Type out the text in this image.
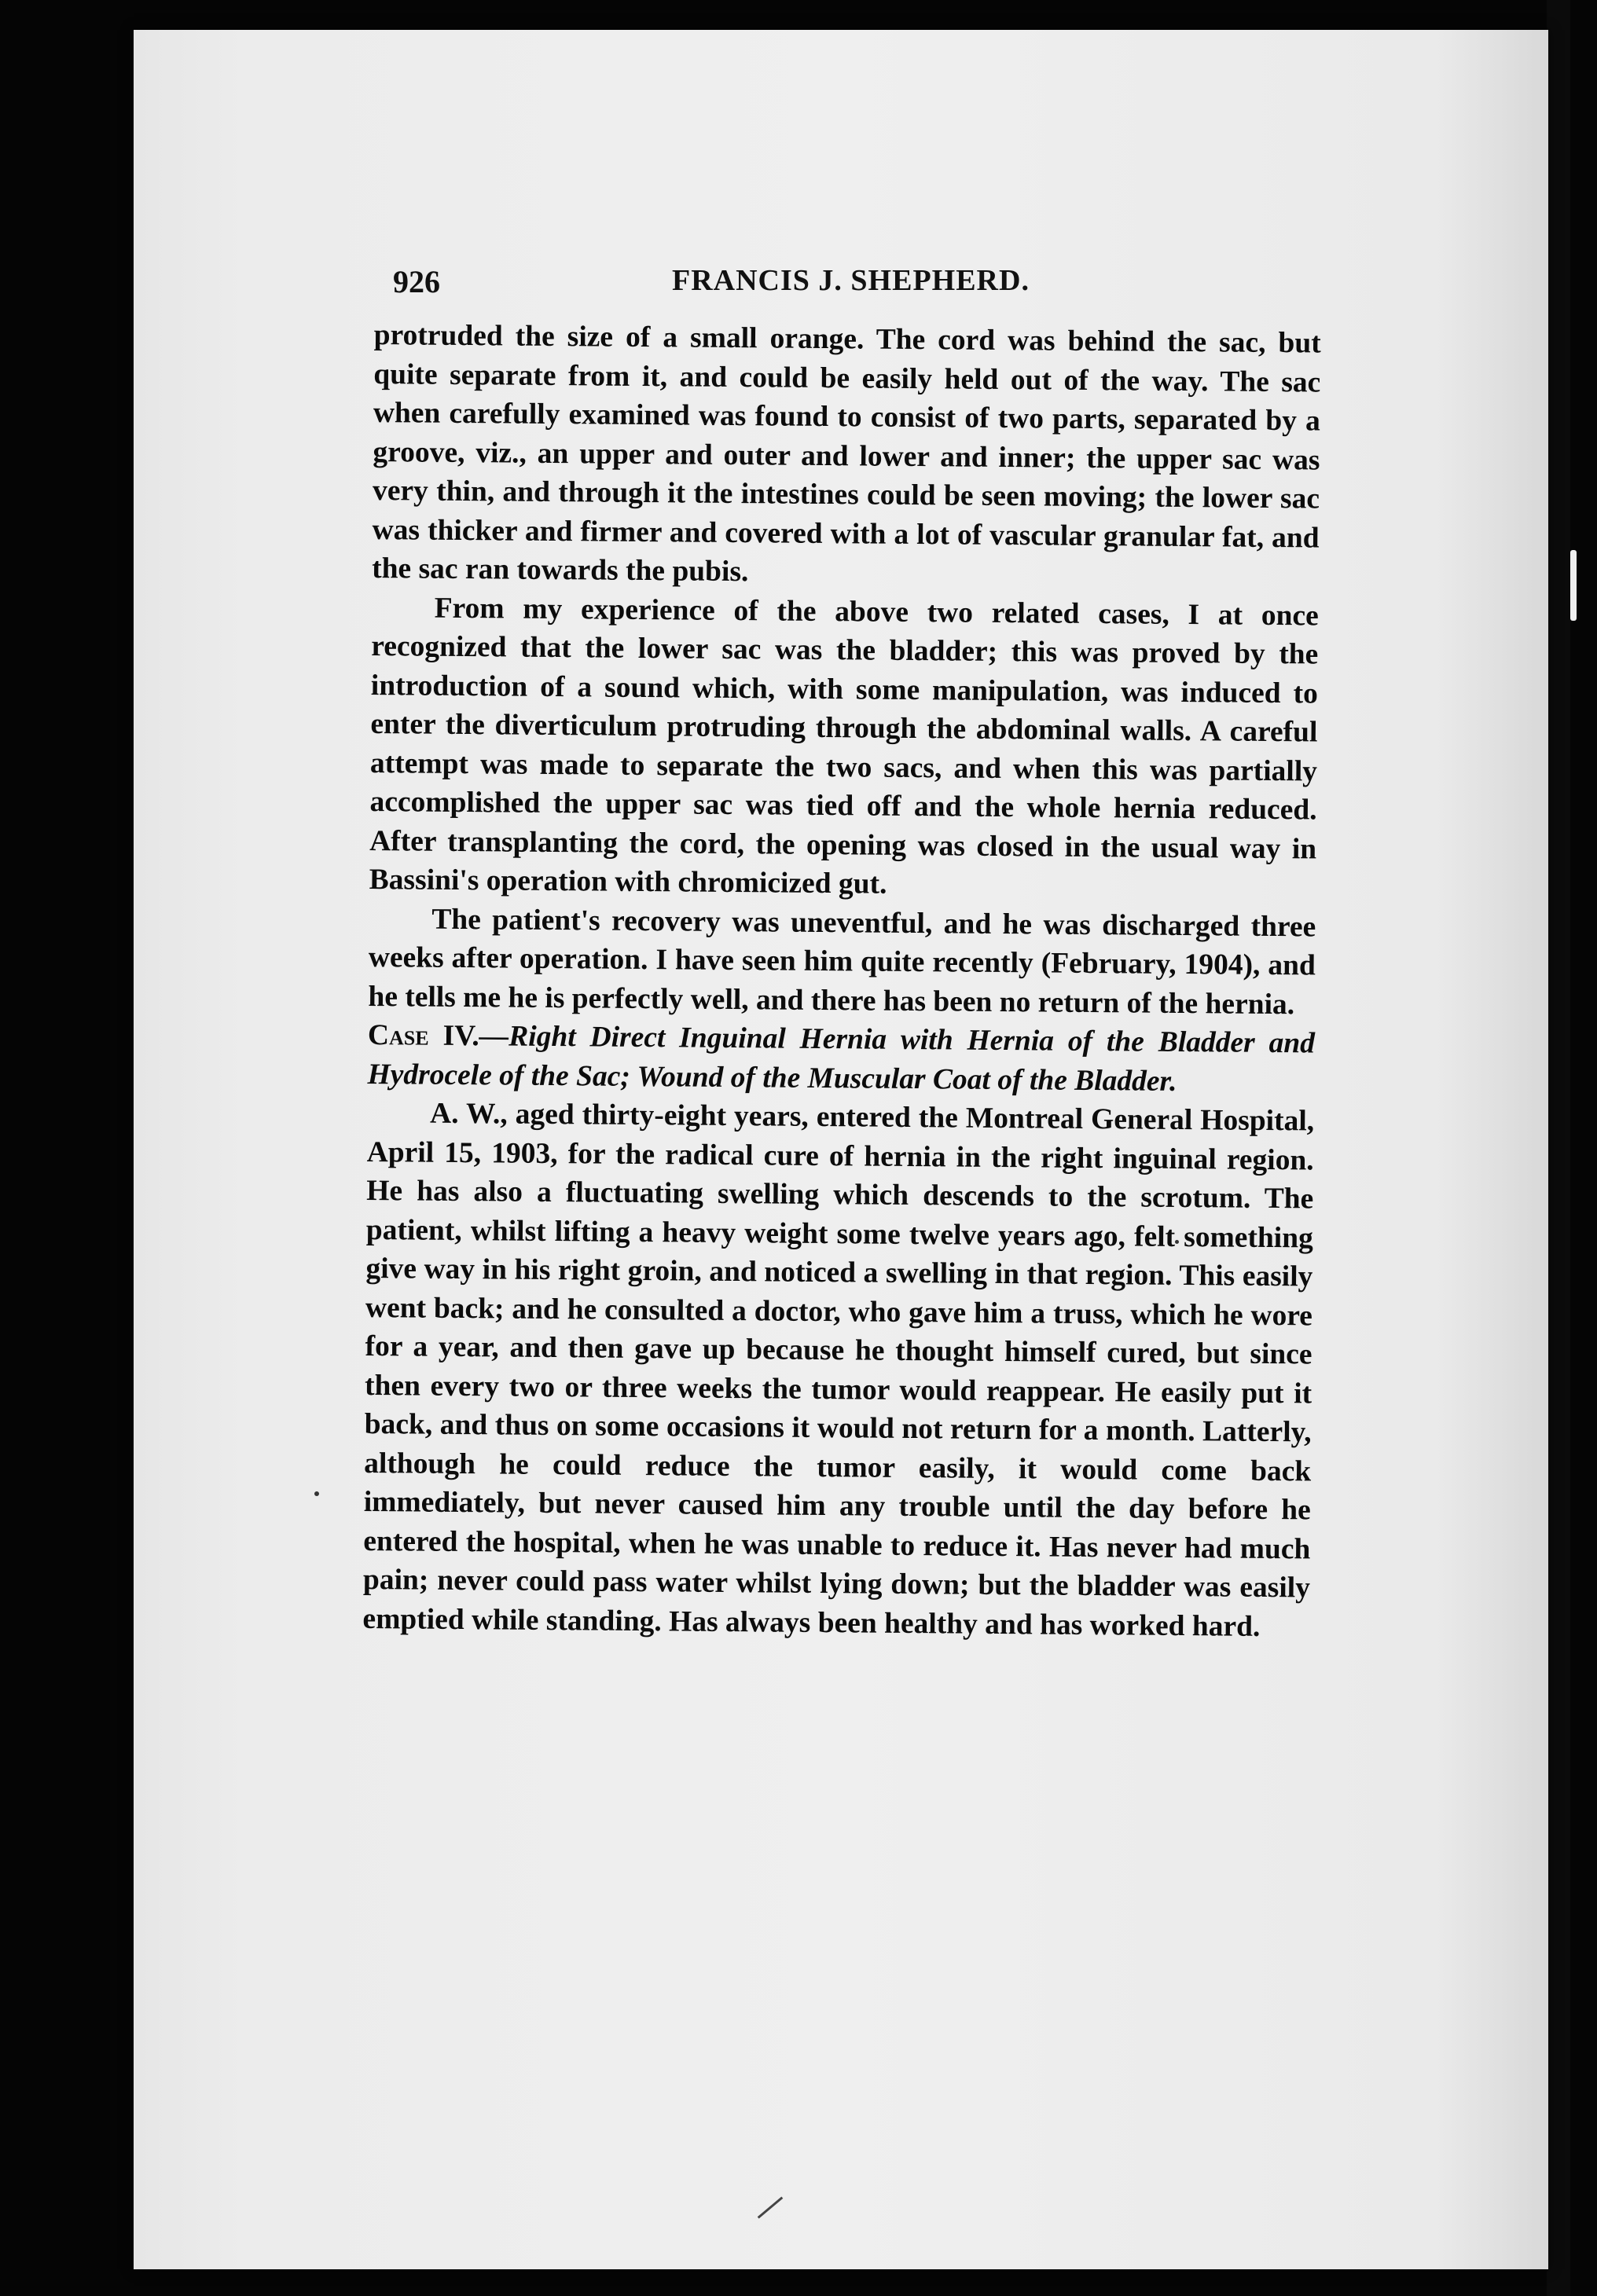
926	FRANCIS J. SHEPHERD.

protruded the size of a small orange. The cord was behind the sac, but quite separate from it, and could be easily held out of the way. The sac when carefully examined was found to consist of two parts, separated by a groove, viz., an upper and outer and lower and inner; the upper sac was very thin, and through it the intestines could be seen moving; the lower sac was thicker and firmer and covered with a lot of vascular granular fat, and the sac ran towards the pubis.

From my experience of the above two related cases, I at once recognized that the lower sac was the bladder; this was proved by the introduction of a sound which, with some manipulation, was induced to enter the diverticulum protruding through the abdominal walls. A careful attempt was made to separate the two sacs, and when this was partially accomplished the upper sac was tied off and the whole hernia reduced. After transplanting the cord, the opening was closed in the usual way in Bassini's operation with chromicized gut.

The patient's recovery was uneventful, and he was discharged three weeks after operation. I have seen him quite recently (February, 1904), and he tells me he is perfectly well, and there has been no return of the hernia.

Case IV.—Right Direct Inguinal Hernia with Hernia of the Bladder and Hydrocele of the Sac; Wound of the Muscular Coat of the Bladder.

A. W., aged thirty-eight years, entered the Montreal General Hospital, April 15, 1903, for the radical cure of hernia in the right inguinal region. He has also a fluctuating swelling which descends to the scrotum. The patient, whilst lifting a heavy weight some twelve years ago, felt something give way in his right groin, and noticed a swelling in that region. This easily went back; and he consulted a doctor, who gave him a truss, which he wore for a year, and then gave up because he thought himself cured, but since then every two or three weeks the tumor would reappear. He easily put it back, and thus on some occasions it would not return for a month. Latterly, although he could reduce the tumor easily, it would come back immediately, but never caused him any trouble until the day before he entered the hospital, when he was unable to reduce it. Has never had much pain; never could pass water whilst lying down; but the bladder was easily emptied while standing. Has always been healthy and has worked hard.
